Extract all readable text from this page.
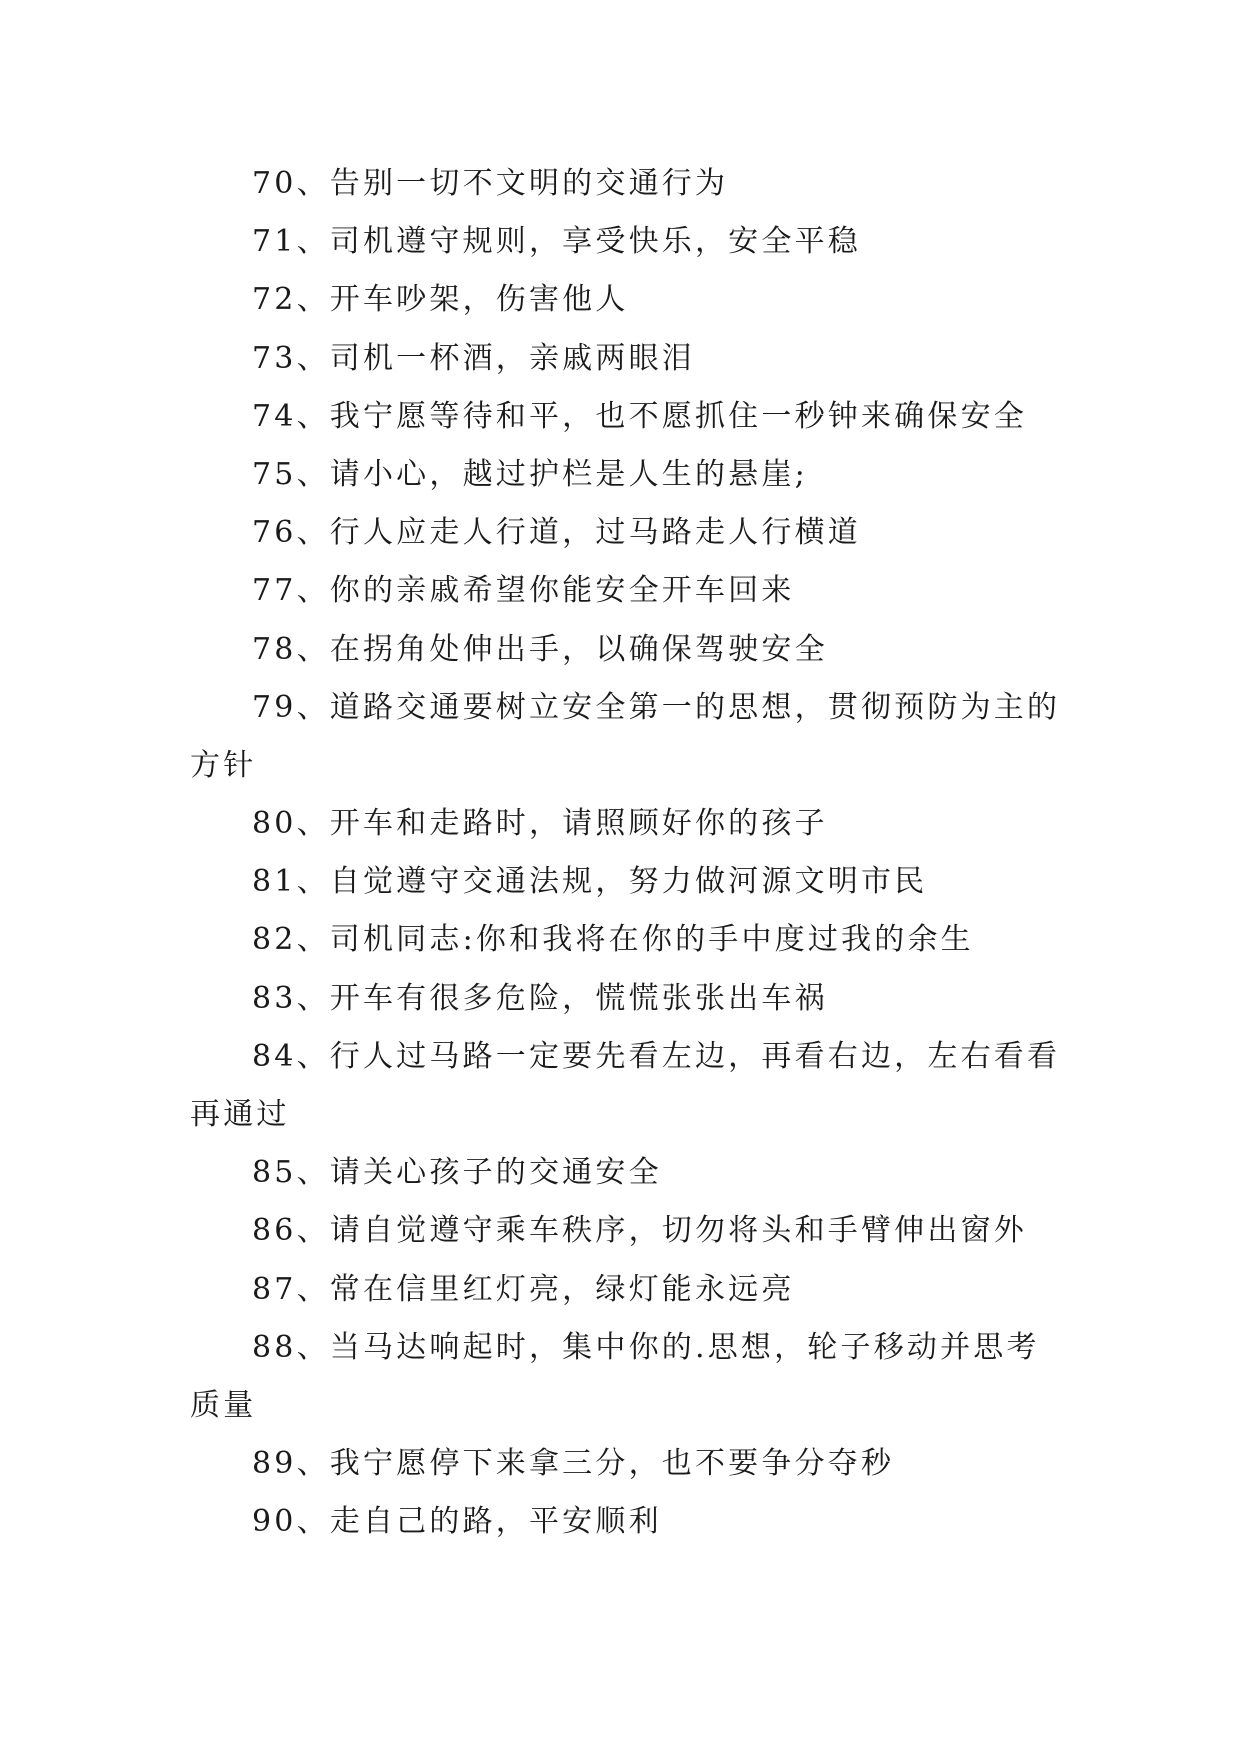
70、告别一切不文明的交通行为
71、司机遵守规则，享受快乐，安全平稳
72、开车吵架，伤害他人
73、司机一杯酒，亲戚两眼泪
74、我宁愿等待和平，也不愿抓住一秒钟来确保安全
75、请小心，越过护栏是人生的悬崖;
76、行人应走人行道，过马路走人行横道
77、你的亲戚希望你能安全开车回来
78、在拐角处伸出手，以确保驾驶安全
79、道路交通要树立安全第一的思想，贯彻预防为主的
方针
80、开车和走路时，请照顾好你的孩子
81、自觉遵守交通法规，努力做河源文明市民
82、司机同志:你和我将在你的手中度过我的余生
83、开车有很多危险，慌慌张张出车祸
84、行人过马路一定要先看左边，再看右边，左右看看
再通过
85、请关心孩子的交通安全
86、请自觉遵守乘车秩序，切勿将头和手臂伸出窗外
87、常在信里红灯亮，绿灯能永远亮
88、当马达响起时，集中你的.思想，轮子移动并思考
质量
89、我宁愿停下来拿三分，也不要争分夺秒
90、走自己的路，平安顺利
